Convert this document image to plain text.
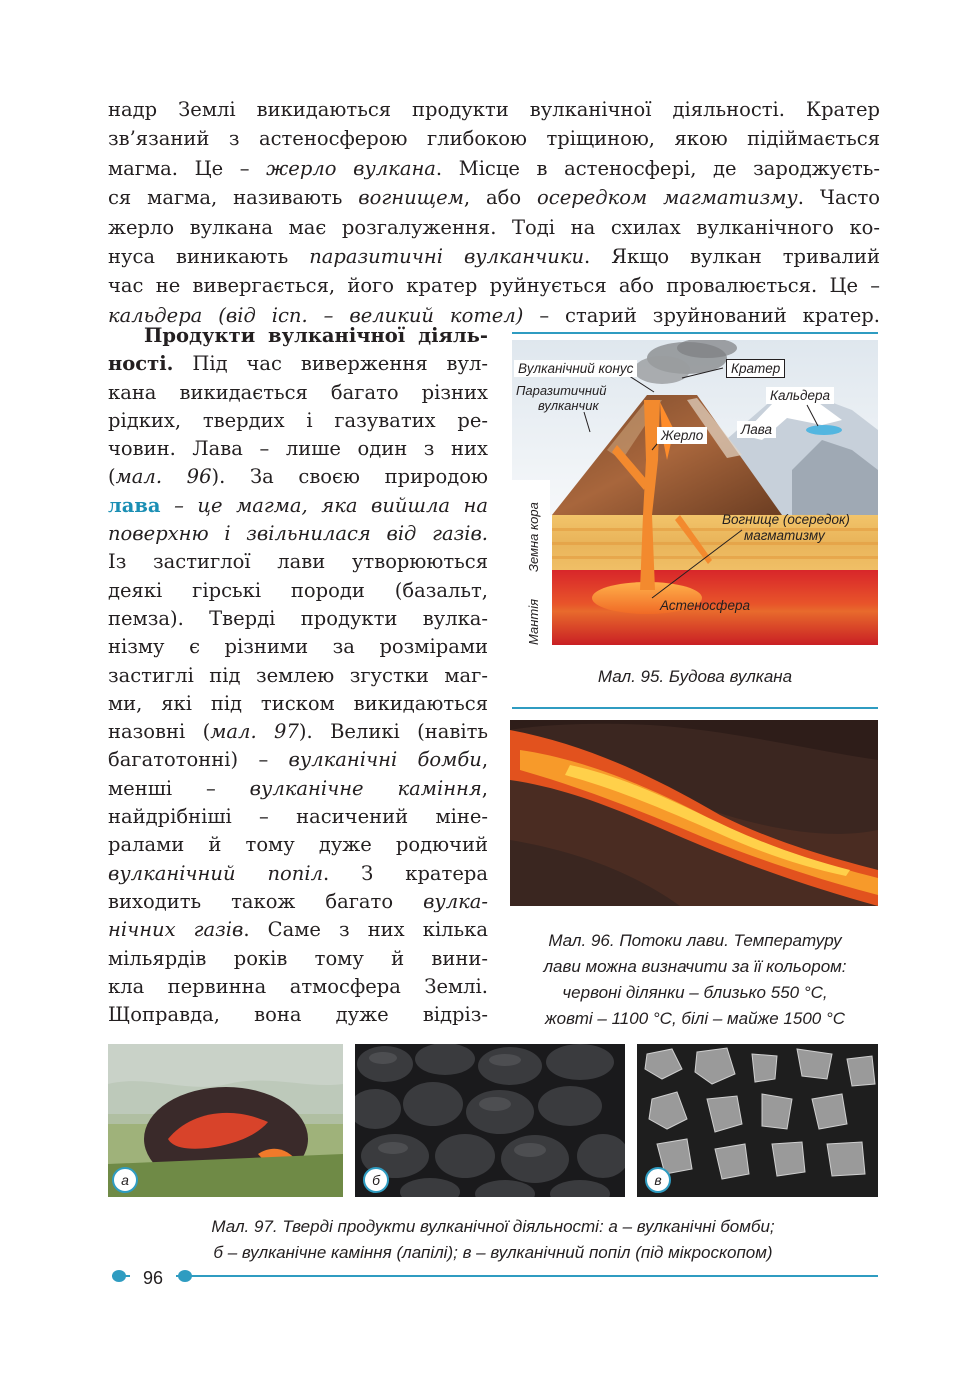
надр Землі викидаються продукти вулканічної діяльності. Кратер
зв’язаний з астеносферою глибокою тріщиною, якою підіймається
магма. Це – жерло вулкана. Місце в астеносфері, де зароджуєть-
ся магма, називають вогнищем, або осередком магматизму. Часто
жерло вулкана має розгалуження. Тоді на схилах вулканічного ко-
нуса виникають паразитичні вулканчики. Якщо вулкан тривалий
час не вивергається, його кратер руйнується або провалюється. Це –
кальдера (від ісп. – великий котел) – старий зруйнований кратер.
Продукти вулканічної діяль-
ності. Під час виверження вул-
кана викидається багато різних
рідких, твердих і газуватих ре-
човин. Лава – лише один з них
(мал. 96). За своєю природою
лава – це магма, яка вийшла на
поверхню і звільнилася від газів.
Із застиглої лави утворюються
деякі гірські породи (базальт,
пемза). Тверді продукти вулка-
нізму є різними за розмірами
застиглі під землею згустки маг-
ми, які під тиском викидаються
назовні (мал. 97). Великі (навіть
багатотонні) – вулканічні бомби,
менші – вулканічне каміння,
найдрібніші – насичений міне-
ралами й тому дуже родючий
вулканічний попіл. З кратера
виходить також багато вулка-
нічних газів. Саме з них кілька
мільярдів років тому й вини-
кла первинна атмосфера Землі.
Щоправда, вона дуже відріз-
Вулканічний конус	Кратер
Паразитичний
вулканчик
Кальдера
Жерло	Лава
Вогнище (осередок)
магматизму
Астеносфера
Земна кора
Мантія
Мал. 95. Будова вулкана
Мал. 96. Потоки лави. Температуру
лави можна визначити за її кольором:
червоні ділянки – близько 550 °С,
жовті – 1100 °С, білі – майже 1500 °С
а	б	в
Мал. 97. Тверді продукти вулканічної діяльності: а – вулканічні бомби;
б – вулканічне каміння (лапілі); в – вулканічний попіл (під мікроскопом)
96
